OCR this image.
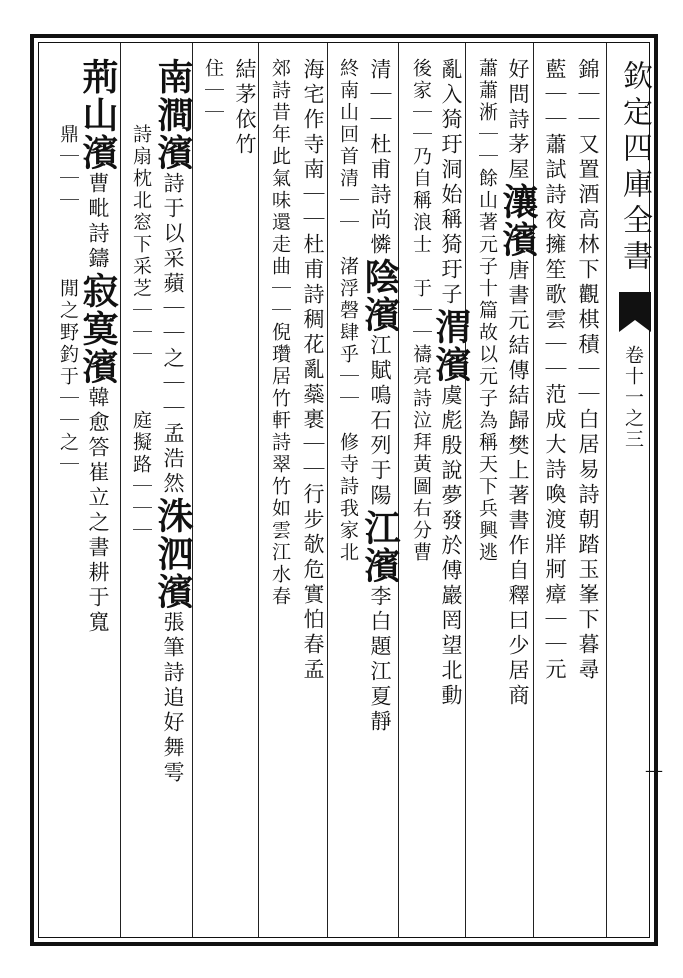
欽定四庫全書
卷十一之三
—
錦｜｜又置酒高林下觀棋積｜｜白居易詩朝踏玉峯下暮尋
藍｜｜蕭試詩夜擁笙歌雲｜｜范成大詩喚渡牂牁瘴｜｜元
好問詩茅屋瀼濱唐書元結傳結歸樊上著書作自釋曰少居商
蕭蕭淅｜｜餘山著元子十篇故以元子為稱天下兵興逃
亂入猗玗洞始稱猗玗子渭濱虞彪殷說夢發於傅巖罔望北動
後家｜｜乃自稱浪士　于｜｜禱亮詩泣拜黃圖右分曹
清｜｜杜甫詩尚憐陰濱江賦鳴石列于陽江濱李白題江夏靜
終南山回首清｜｜　渚浮磬肆乎｜｜　修寺詩我家北
海宅作寺南｜｜杜甫詩稠花亂蘂裹｜｜行步欹危實怕春孟
郊詩昔年此氣味還走曲｜｜倪瓚居竹軒詩翠竹如雲江水春
結茅依竹
住｜｜
南澗濱詩于以采蘋｜｜之｜｜孟浩然洙泗濱張筆詩追好舞雩
　　　詩扇枕北窓下采芝｜｜｜　　庭擬路｜｜｜
荊山濱曹毗詩鑄寂寞濱韓愈答崔立之書耕于寬
　　　鼎｜｜｜　　　閒之野釣于｜｜之｜
